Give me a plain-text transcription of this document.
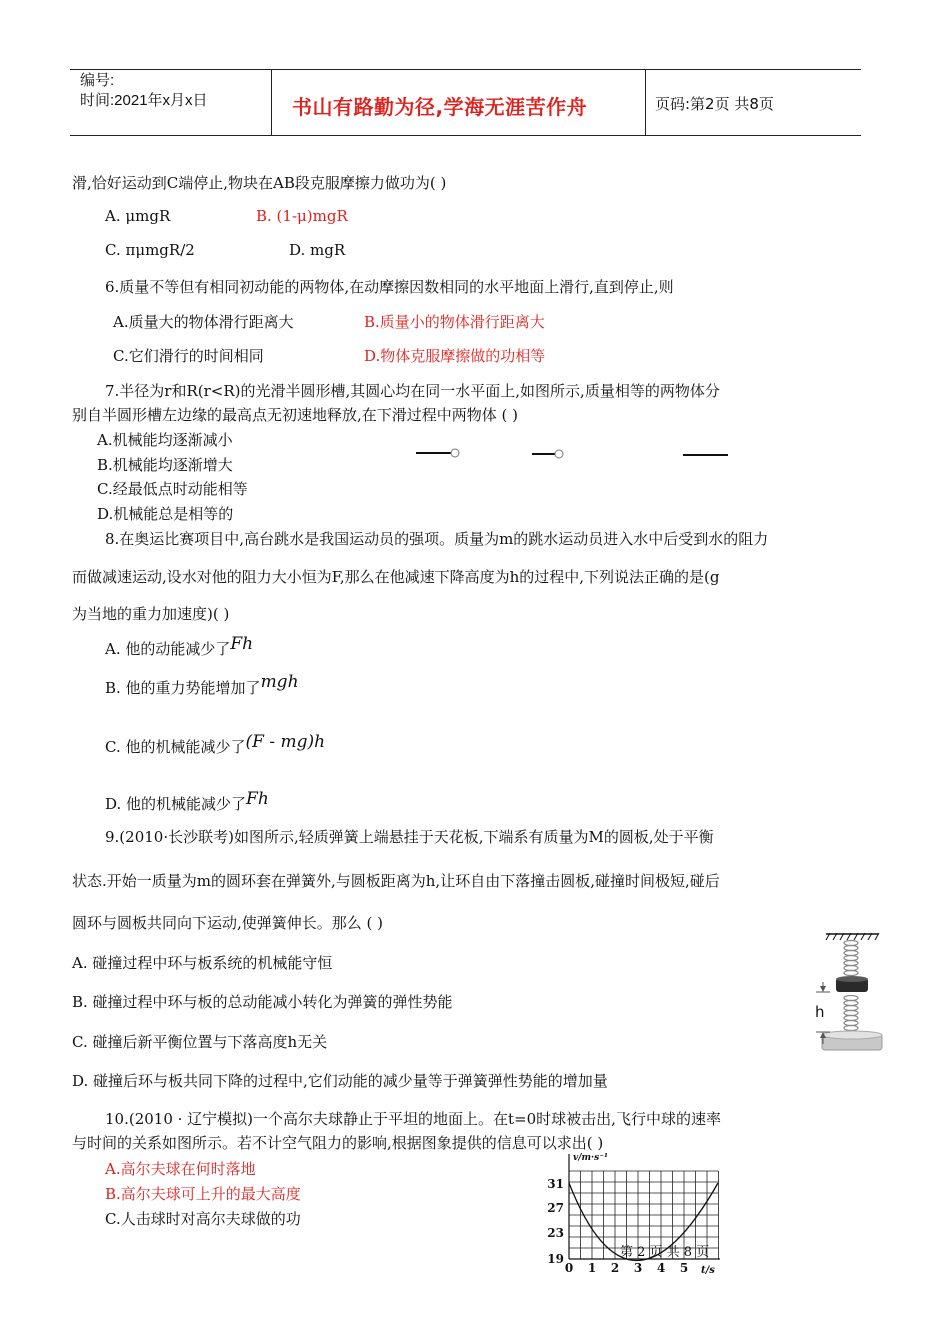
编号:
时间:2021年x月x日	书山有路勤为径,学海无涯苦作舟	页码:第2页 共8页
滑,恰好运动到C端停止,物块在AB段克服摩擦力做功为( )
A. μmgR	B. (1-μ)mgR
C. πμmgR/2	D. mgR
6.质量不等但有相同初动能的两物体,在动摩擦因数相同的水平地面上滑行,直到停止,则
A.质量大的物体滑行距离大	B.质量小的物体滑行距离大
C.它们滑行的时间相同	D.物体克服摩擦做的功相等
7.半径为r和R(r<R)的光滑半圆形槽,其圆心均在同一水平面上,如图所示,质量相等的两物体分
别自半圆形槽左边缘的最高点无初速地释放,在下滑过程中两物体 ( )
A.机械能均逐渐减小
B.机械能均逐渐增大
C.经最低点时动能相等
D.机械能总是相等的
8.在奥运比赛项目中,高台跳水是我国运动员的强项。质量为m的跳水运动员进入水中后受到水的阻力
而做减速运动,设水对他的阻力大小恒为F,那么在他减速下降高度为h的过程中,下列说法正确的是(g
为当地的重力加速度)( )
A. 他的动能减少了Fh
B. 他的重力势能增加了mgh
C. 他的机械能减少了(F - mg)h
D. 他的机械能减少了Fh
9.(2010·长沙联考)如图所示,轻质弹簧上端悬挂于天花板,下端系有质量为M的圆板,处于平衡
状态.开始一质量为m的圆环套在弹簧外,与圆板距离为h,让环自由下落撞击圆板,碰撞时间极短,碰后
圆环与圆板共同向下运动,使弹簧伸长。那么 ( )
A. 碰撞过程中环与板系统的机械能守恒
B. 碰撞过程中环与板的总动能减小转化为弹簧的弹性势能
C. 碰撞后新平衡位置与下落高度h无关
D. 碰撞后环与板共同下降的过程中,它们动能的减少量等于弹簧弹性势能的增加量
h
10.(2010 · 辽宁模拟)一个高尔夫球静止于平坦的地面上。在t=0时球被击出,飞行中球的速率
与时间的关系如图所示。若不计空气阻力的影响,根据图象提供的信息可以求出( )
A.高尔夫球在何时落地
B.高尔夫球可上升的最大高度
C.人击球时对高尔夫球做的功
v/m·s⁻¹
31
27
23
19
0 1 2 3 4 5 t/s
第 2 页 共 8 页
